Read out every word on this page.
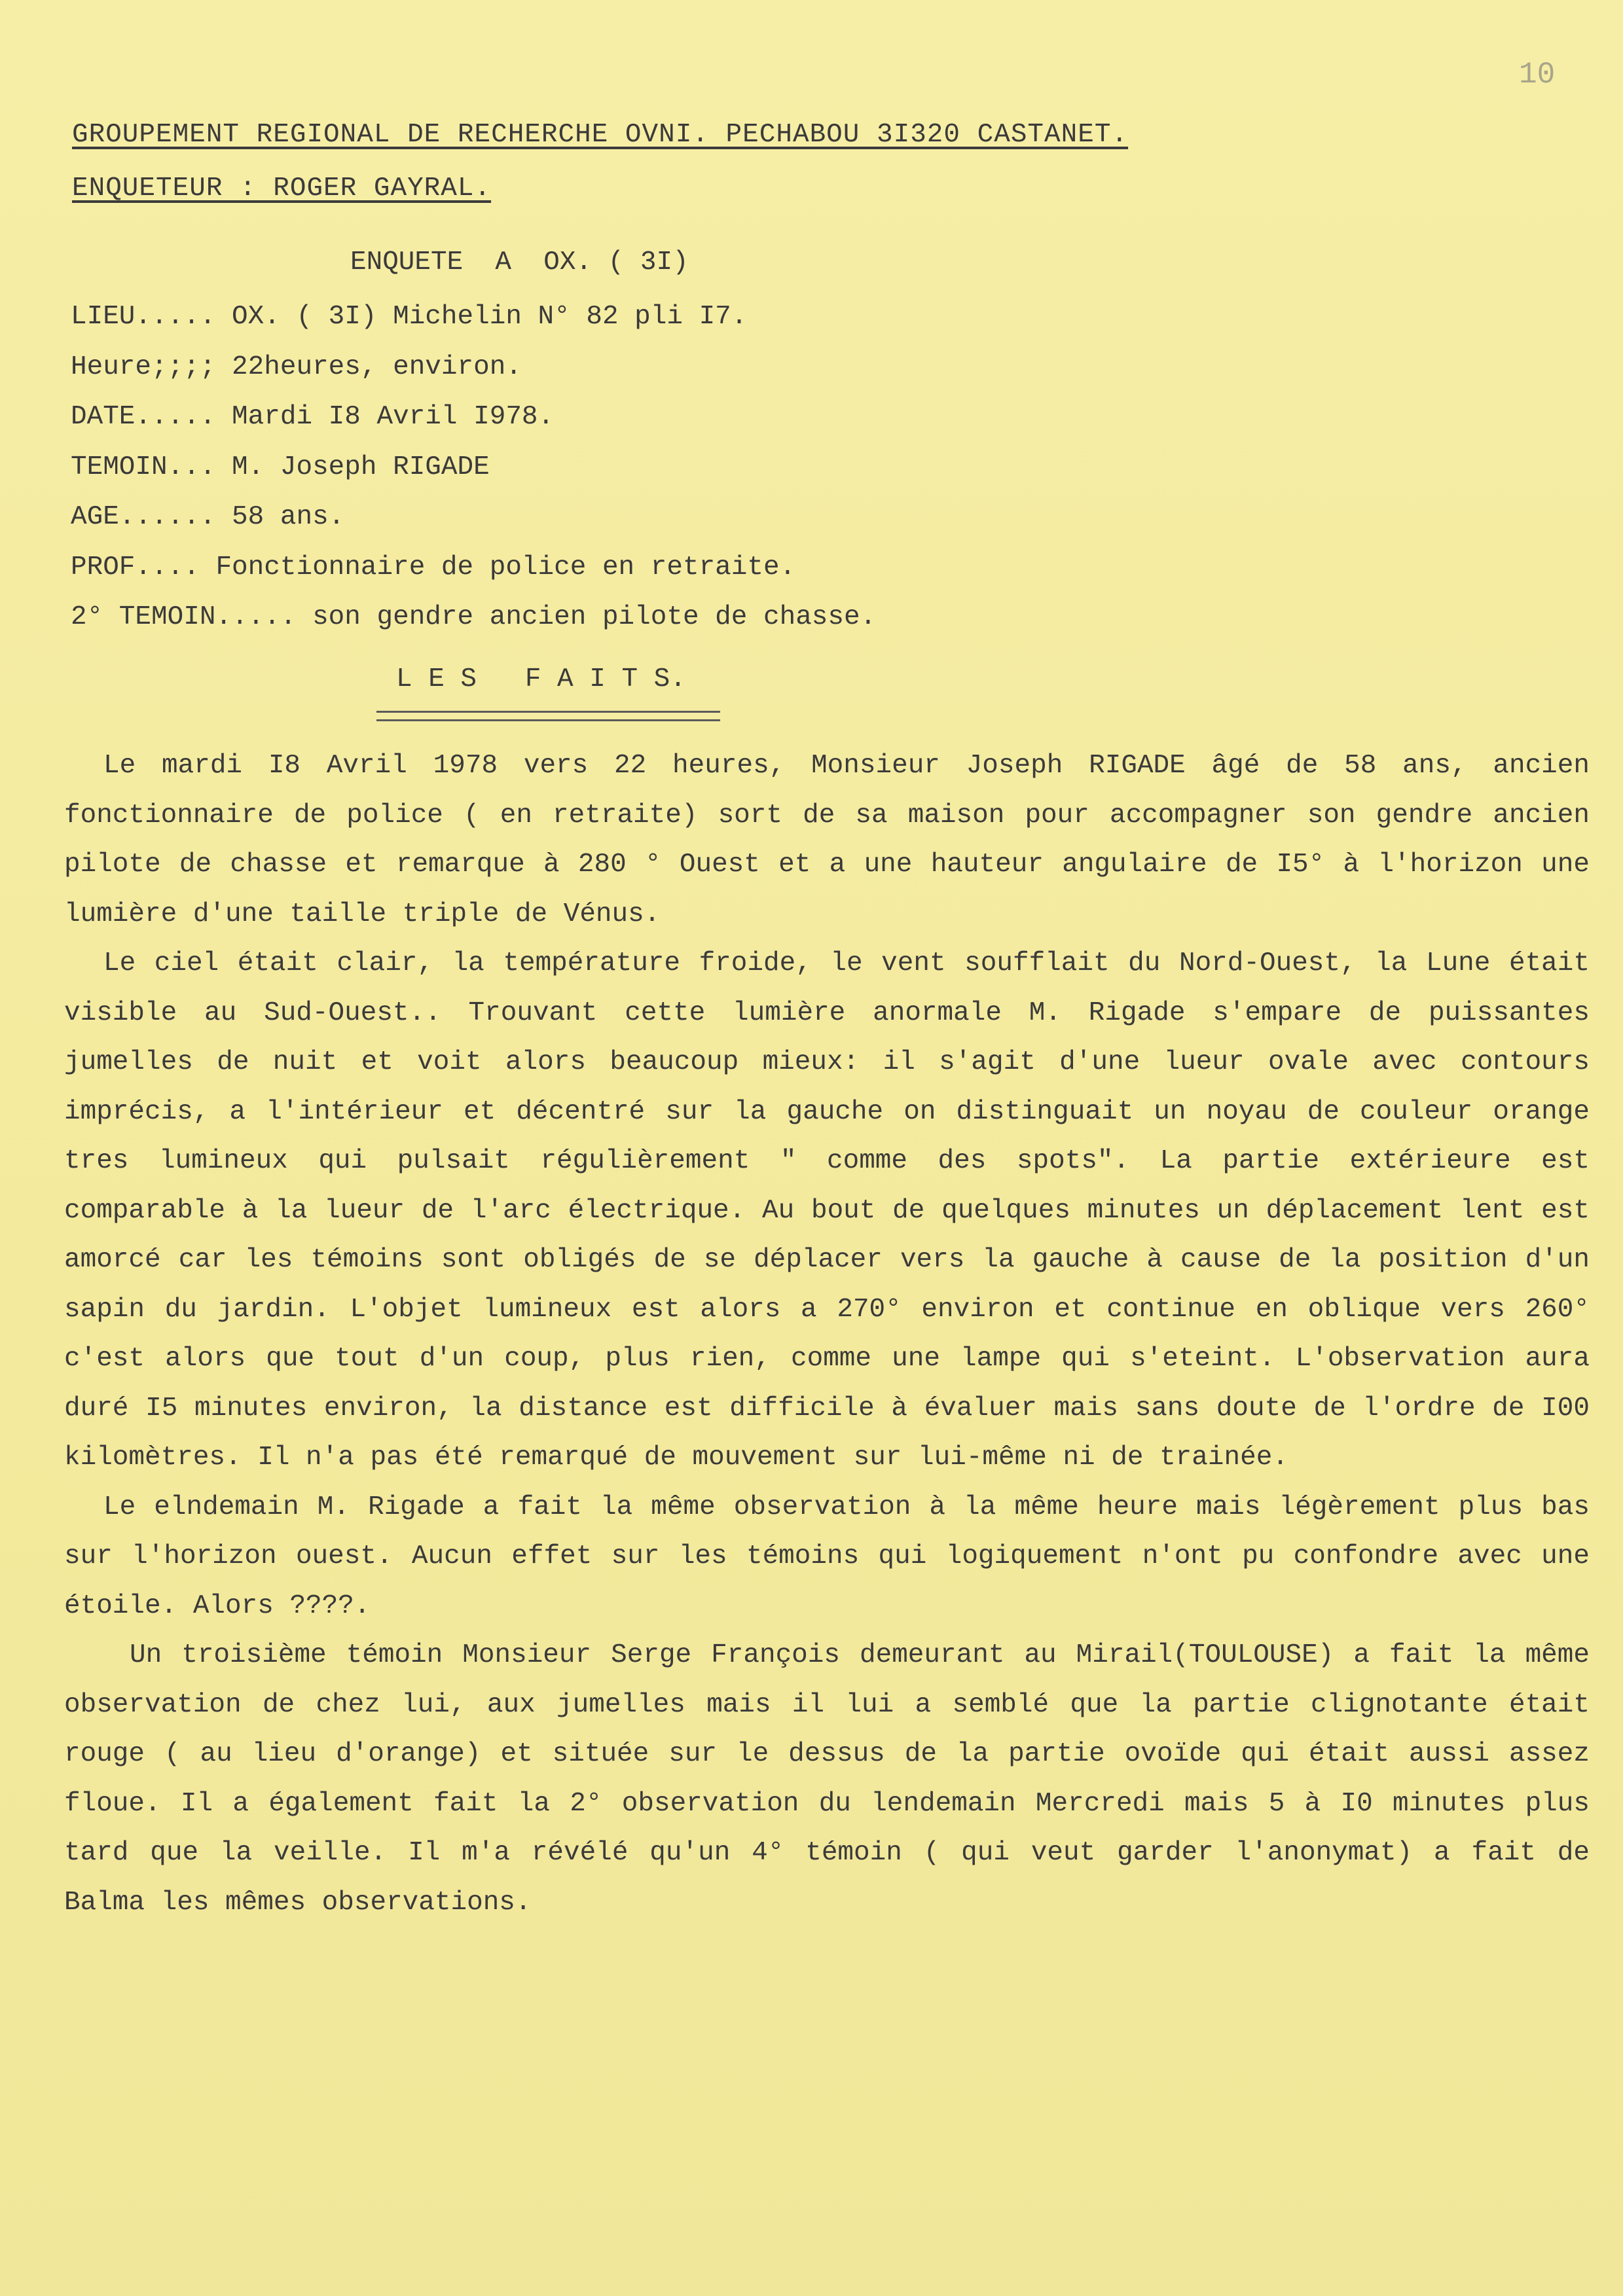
10
GROUPEMENT REGIONAL DE RECHERCHE OVNI. PECHABOU 3I320 CASTANET.
ENQUETEUR : ROGER GAYRAL.
ENQUETE  A  OX. ( 3I)
LIEU..... OX. ( 3I) Michelin N° 82 pli I7.
Heure;;;; 22heures, environ.
DATE..... Mardi I8 Avril I978.
TEMOIN... M. Joseph RIGADE
AGE...... 58 ans.
PROF.... Fonctionnaire de police en retraite.
2° TEMOIN..... son gendre ancien pilote de chasse.
L E S   F A I T S.

Le mardi I8 Avril 1978 vers 22 heures, Monsieur Joseph RIGADE âgé de 58 ans, ancien fonctionnaire de police ( en retraite) sort de sa maison pour accompagner son gendre ancien pilote de chasse et remarque à 280 ° Ouest et a une hauteur angulaire de I5° à l'horizon une lumière d'une taille triple de Vénus.

Le ciel était clair, la température froide, le vent soufflait du Nord-Ouest, la Lune était visible au Sud-Ouest.. Trouvant cette lumière anormale M. Rigade s'empare de puissantes jumelles de nuit et voit alors beaucoup mieux: il s'agit d'une lueur ovale avec contours imprécis, a l'intérieur et décentré sur la gauche on distinguait un noyau de couleur orange tres lumineux qui pulsait régulièrement " comme des spots". La partie extérieure est comparable à la lueur de l'arc électrique. Au bout de quelques minutes un déplacement lent est amorcé car les témoins sont obligés de se déplacer vers la gauche à cause de la position d'un sapin du jardin. L'objet lumineux est alors a 270° environ et continue en oblique vers 260° c'est alors que tout d'un coup, plus rien, comme une lampe qui s'eteint. L'observation aura duré I5 minutes environ, la distance est difficile à évaluer mais sans doute de l'ordre de I00 kilomètres. Il n'a pas été remarqué de mouvement sur lui-même ni de trainée.

Le elndemain M. Rigade a fait la même observation à la même heure mais légèrement plus bas sur l'horizon ouest. Aucun effet sur les témoins qui logiquement n'ont pu confondre avec une étoile. Alors ????.

Un troisième témoin Monsieur Serge François demeurant au Mirail(TOULOUSE) a fait la même observation de chez lui, aux jumelles mais il lui a semblé que la partie clignotante était rouge ( au lieu d'orange) et située sur le dessus de la partie ovoïde qui était aussi assez floue. Il a également fait la 2° observation du lendemain Mercredi mais 5 à I0 minutes plus tard que la veille. Il m'a révélé qu'un 4° témoin ( qui veut garder l'anonymat) a fait de Balma les mêmes observations.
